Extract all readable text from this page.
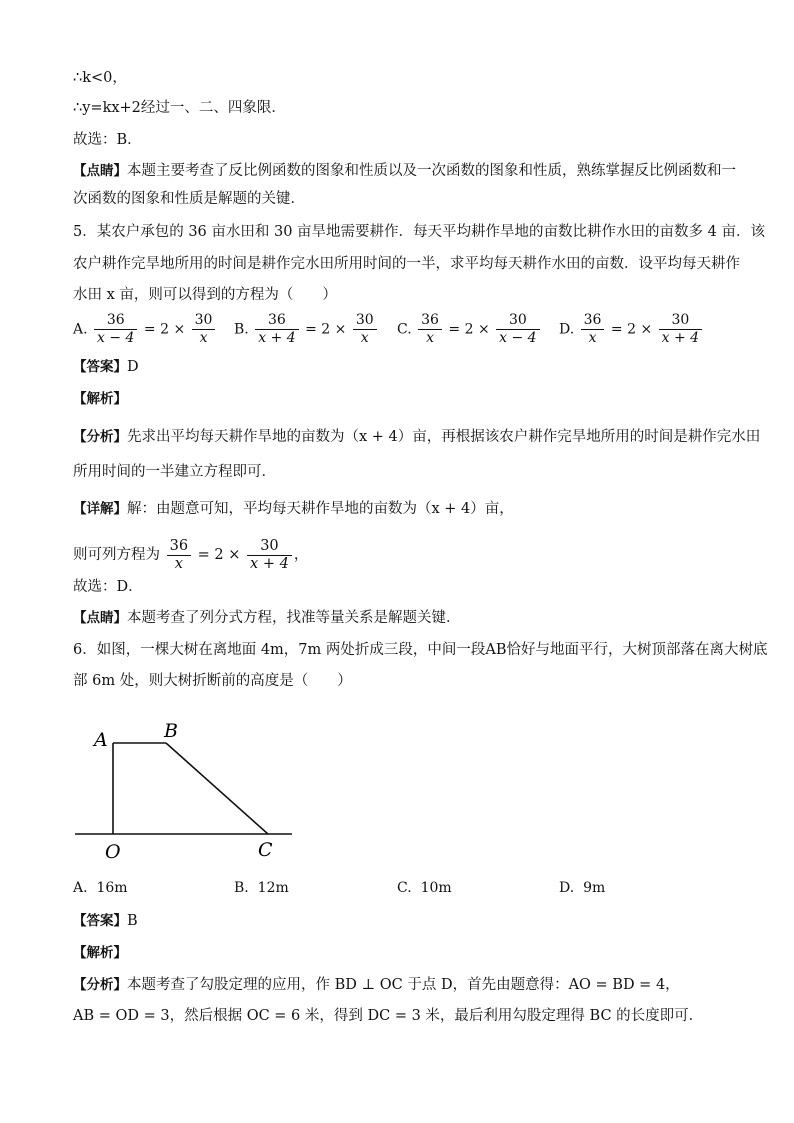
∴k<0，
∴y=kx+2经过一、二、四象限．
故选：B．
【点睛】本题主要考查了反比例函数的图象和性质以及一次函数的图象和性质，熟练掌握反比例函数和一
次函数的图象和性质是解题的关键．
5．某农户承包的 36 亩水田和 30 亩旱地需要耕作．每天平均耕作旱地的亩数比耕作水田的亩数多 4 亩．该
农户耕作完旱地所用的时间是耕作完水田所用时间的一半，求平均每天耕作水田的亩数．设平均每天耕作
水田 x 亩，则可以得到的方程为（　　）
A. $\frac{36}{x - 4} = 2 \times \frac{30}{x} B$. $\frac{36}{x + 4} = 2 \times \frac{30}{x} C$. $\frac{36}{x} = 2 \times \frac{30}{x - 4} D$. $\frac{36}{x} = 2 \times \frac{30}{x + 4}$
【答案】D
【解析】
【分析】先求出平均每天耕作旱地的亩数为（x + 4）亩，再根据该农户耕作完旱地所用的时间是耕作完水田
所用时间的一半建立方程即可．
【详解】解：由题意可知，平均每天耕作旱地的亩数为（x + 4）亩，
则可列方程为 $\frac{36}{x} = 2 \times \frac{30}{x + 4}$ ，
故选：D．
【点睛】本题考查了列分式方程，找准等量关系是解题关键．
6．如图，一棵大树在离地面 4m，7m 两处折成三段，中间一段AB恰好与地面平行，大树顶部落在离大树底
部 6m 处，则大树折断前的高度是（　　）
A	B
O	C
A. 16m	B. 12m	C. 10m	D. 9m
【答案】B
【解析】
【分析】本题考查了勾股定理的应用，作 BD ⊥ OC 于点 D，首先由题意得：AO = BD = 4，
AB = OD = 3，然后根据 OC = 6 米，得到 DC = 3 米，最后利用勾股定理得 BC 的长度即可．
